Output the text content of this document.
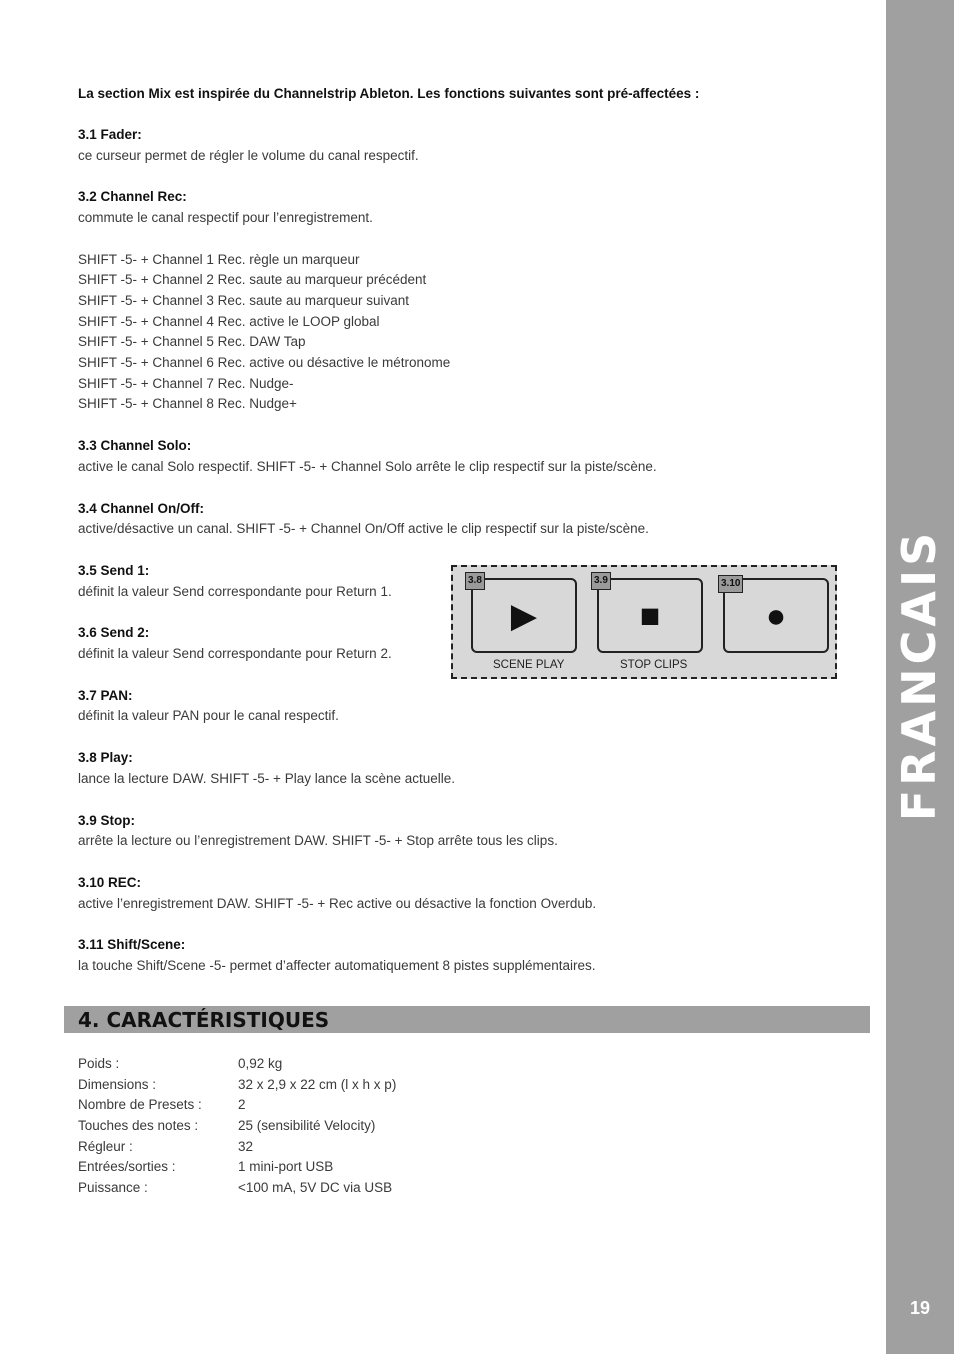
FRANCAIS
19

La section Mix est inspirée du Channelstrip Ableton. Les fonctions suivantes sont pré-affectées :

3.1 Fader:
ce curseur permet de régler le volume du canal respectif.
3.2 Channel Rec:
commute le canal respectif pour l’enregistrement.
SHIFT -5- + Channel 1 Rec. règle un marqueur
SHIFT -5- + Channel 2 Rec. saute au marqueur précédent
SHIFT -5- + Channel 3 Rec. saute au marqueur suivant
SHIFT -5- + Channel 4 Rec. active le LOOP global
SHIFT -5- + Channel 5 Rec. DAW Tap
SHIFT -5- + Channel 6 Rec. active ou désactive le métronome
SHIFT -5- + Channel 7 Rec. Nudge-
SHIFT -5- + Channel 8 Rec. Nudge+
3.3 Channel Solo:
active le canal Solo respectif. SHIFT -5- + Channel Solo arrête le clip respectif sur la piste/scène.
3.4 Channel On/Off:
active/désactive un canal. SHIFT -5- + Channel On/Off active le clip respectif sur la piste/scène.
3.5 Send 1:
définit la valeur Send correspondante pour Return 1.
3.6 Send 2:
définit la valeur Send correspondante pour Return 2.
3.7 PAN:
définit la valeur PAN pour le canal respectif.
3.8 Play:
lance la lecture DAW. SHIFT -5- + Play lance la scène actuelle.
3.9 Stop:
arrête la lecture ou l’enregistrement DAW. SHIFT -5- + Stop arrête tous les clips.
3.10 REC:
active l’enregistrement DAW. SHIFT -5- + Rec active ou désactive la fonction Overdub.
3.11 Shift/Scene:
la touche Shift/Scene -5- permet d’affecter automatiquement 8 pistes supplémentaires.
▶
3.8
SCENE PLAY
■
3.9
STOP CLIPS
●
3.10
4. CARACTÉRISTIQUES
Poids :	0,92 kg
Dimensions :	32 x 2,9 x 22 cm (l x h x p)
Nombre de Presets :	2
Touches des notes :	25 (sensibilité Velocity)
Régleur :	32
Entrées/sorties :	1 mini-port USB
Puissance :	<100 mA, 5V DC via USB
